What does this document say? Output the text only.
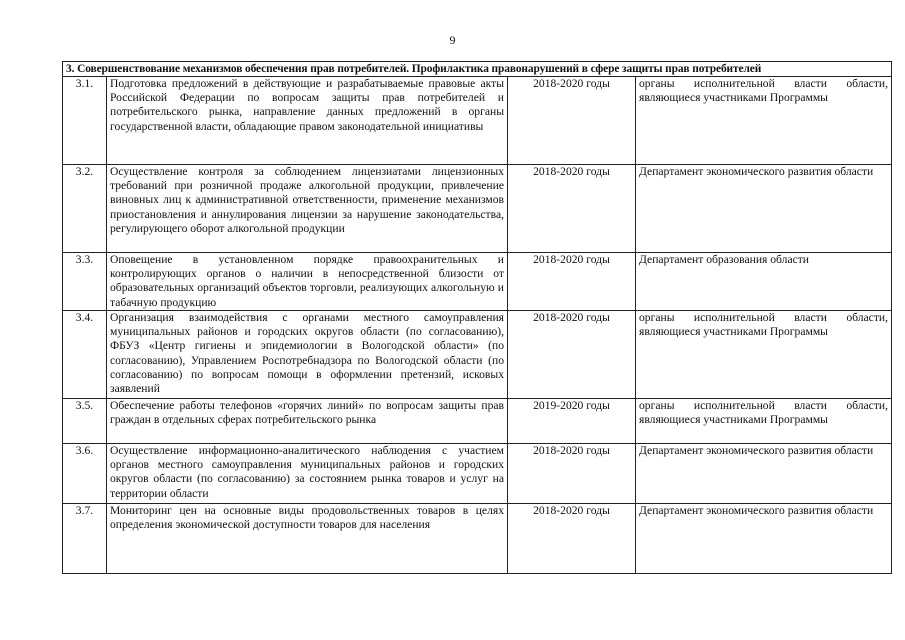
9
3. Совершенствование механизмов обеспечения прав потребителей. Профилактика правонарушений в сфере защиты прав потребителей			
3.1.	Подготовка предложений в действующие и разрабатываемые правовые акты Российской Федерации по вопросам защиты прав потребителей и потребительского рынка, направление данных предложений в органы государственной власти, обладающие правом законодательной инициативы	2018-2020 годы	органы исполнительной власти области, являющиеся участниками Программы
3.2.	Осуществление контроля за соблюдением лицензиатами лицензионных требований при розничной продаже алкогольной продукции, привлечение виновных лиц к административной ответственности, применение механизмов приостановления и аннулирования лицензии за нарушение законодательства, регулирующего оборот алкогольной продукции	2018-2020 годы	Департамент экономического развития области
3.3.	Оповещение в установленном порядке правоохранительных и контролирующих органов о наличии в непосредственной близости от образовательных организаций объектов торговли, реализующих алкогольную и табачную продукцию	2018-2020 годы	Департамент образования области
3.4.	Организация взаимодействия с органами местного самоуправления муниципальных районов и городских округов области (по согласованию), ФБУЗ «Центр гигиены и эпидемиологии в Вологодской области» (по согласованию), Управлением Роспотребнадзора по Вологодской области (по согласованию) по вопросам помощи в оформлении претензий, исковых заявлений	2018-2020 годы	органы исполнительной власти области, являющиеся участниками Программы
3.5.	Обеспечение работы телефонов «горячих линий» по вопросам защиты прав граждан в отдельных сферах потребительского рынка	2019-2020 годы	органы исполнительной власти области, являющиеся участниками Программы
3.6.	Осуществление информационно-аналитического наблюдения с участием органов местного самоуправления муниципальных районов и городских округов области (по согласованию) за состоянием рынка товаров и услуг на территории области	2018-2020 годы	Департамент экономического развития области
3.7.	Мониторинг цен на основные виды продовольственных товаров в целях определения экономической доступности товаров для населения	2018-2020 годы	Департамент экономического развития области
